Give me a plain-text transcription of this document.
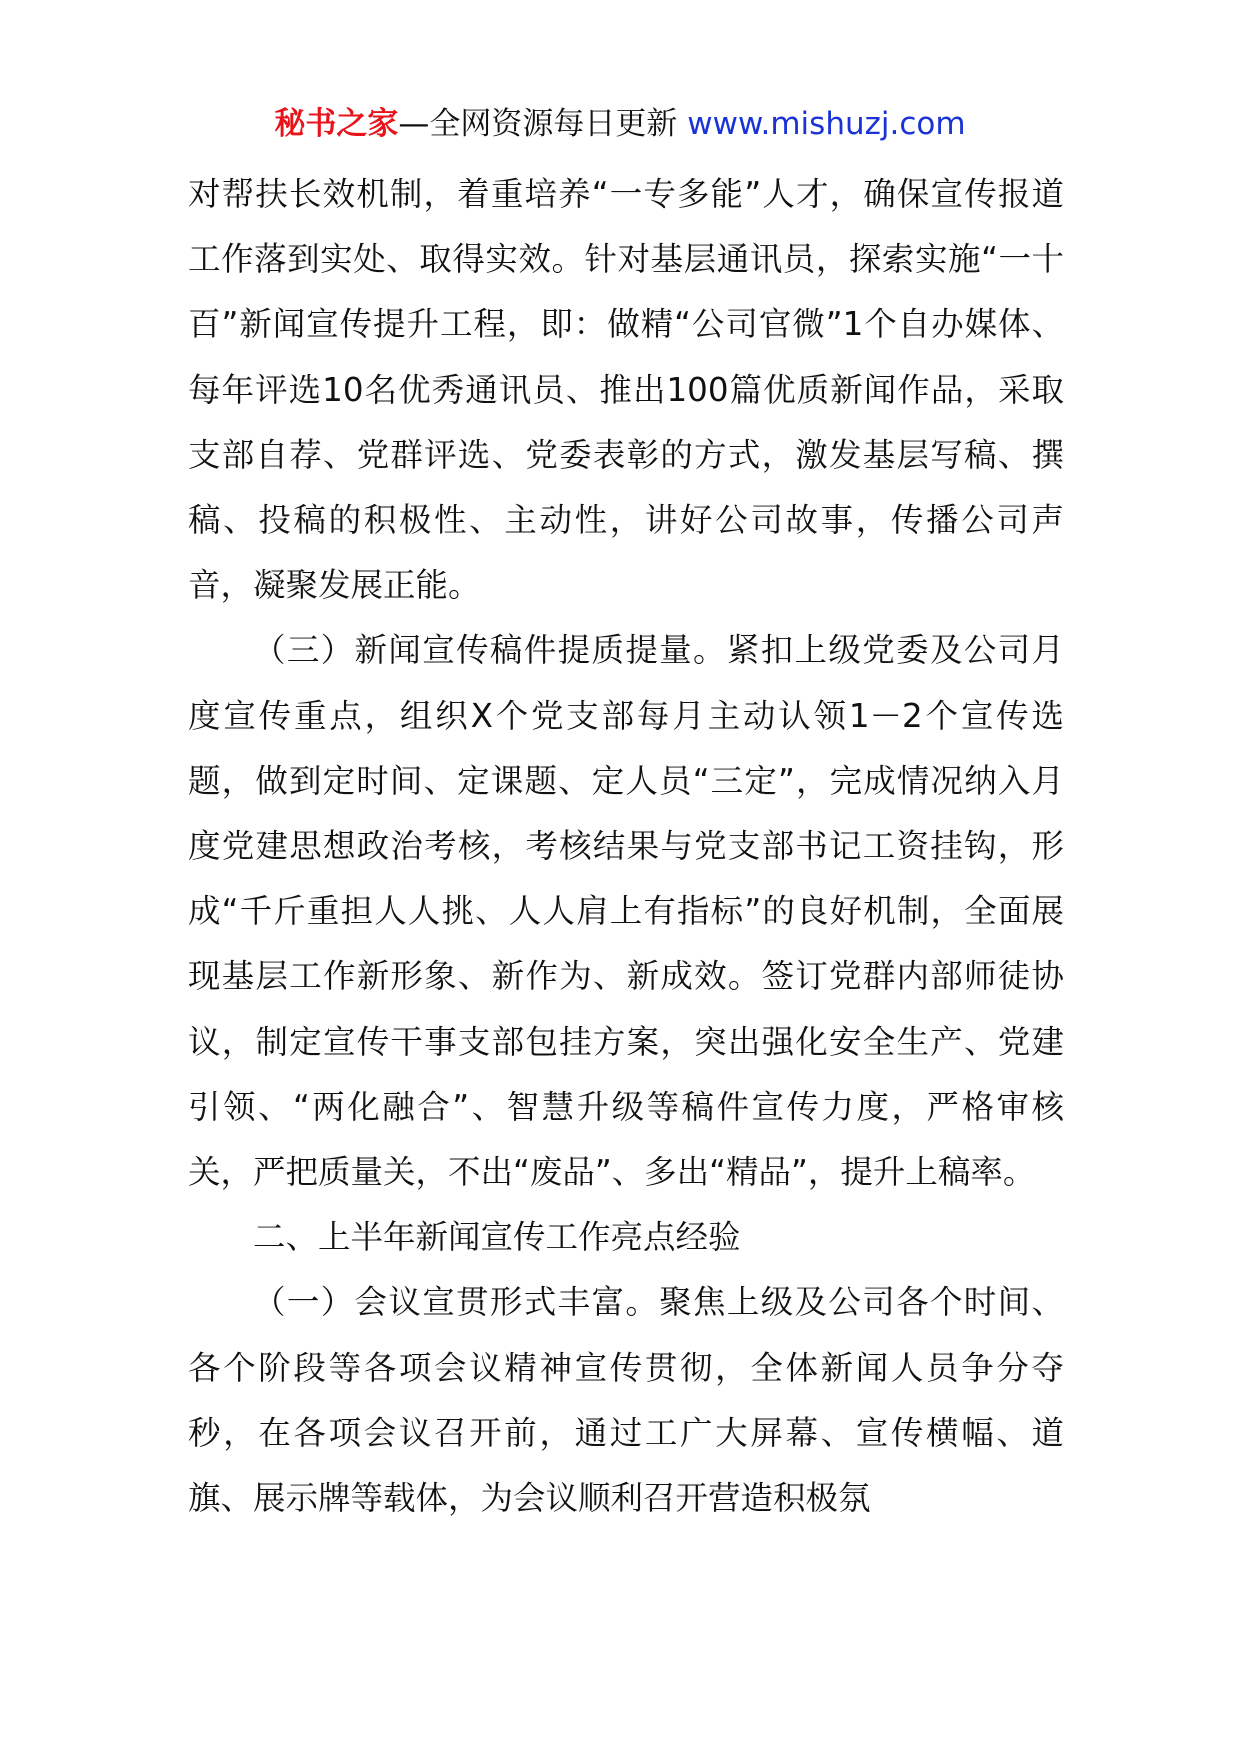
秘书之家—全网资源每日更新 www.mishuzj.com

对帮扶长效机制，着重培养“一专多能”人才，确保宣传报道工作落到实处、取得实效。针对基层通讯员，探索实施“一十百”新闻宣传提升工程，即：做精“公司官微”1个自办媒体、每年评选10名优秀通讯员、推出100篇优质新闻作品，采取支部自荐、党群评选、党委表彰的方式，激发基层写稿、撰稿、投稿的积极性、主动性，讲好公司故事，传播公司声音，凝聚发展正能。

（三）新闻宣传稿件提质提量。紧扣上级党委及公司月度宣传重点，组织X个党支部每月主动认领1－2个宣传选题，做到定时间、定课题、定人员“三定”，完成情况纳入月度党建思想政治考核，考核结果与党支部书记工资挂钩，形成“千斤重担人人挑、人人肩上有指标”的良好机制，全面展现基层工作新形象、新作为、新成效。签订党群内部师徒协议，制定宣传干事支部包挂方案，突出强化安全生产、党建引领、“两化融合”、智慧升级等稿件宣传力度，严格审核关，严把质量关，不出“废品”、多出“精品”，提升上稿率。

二、上半年新闻宣传工作亮点经验

（一）会议宣贯形式丰富。聚焦上级及公司各个时间、各个阶段等各项会议精神宣传贯彻，全体新闻人员争分夺秒，在各项会议召开前，通过工广大屏幕、宣传横幅、道旗、展示牌等载体，为会议顺利召开营造积极氛
